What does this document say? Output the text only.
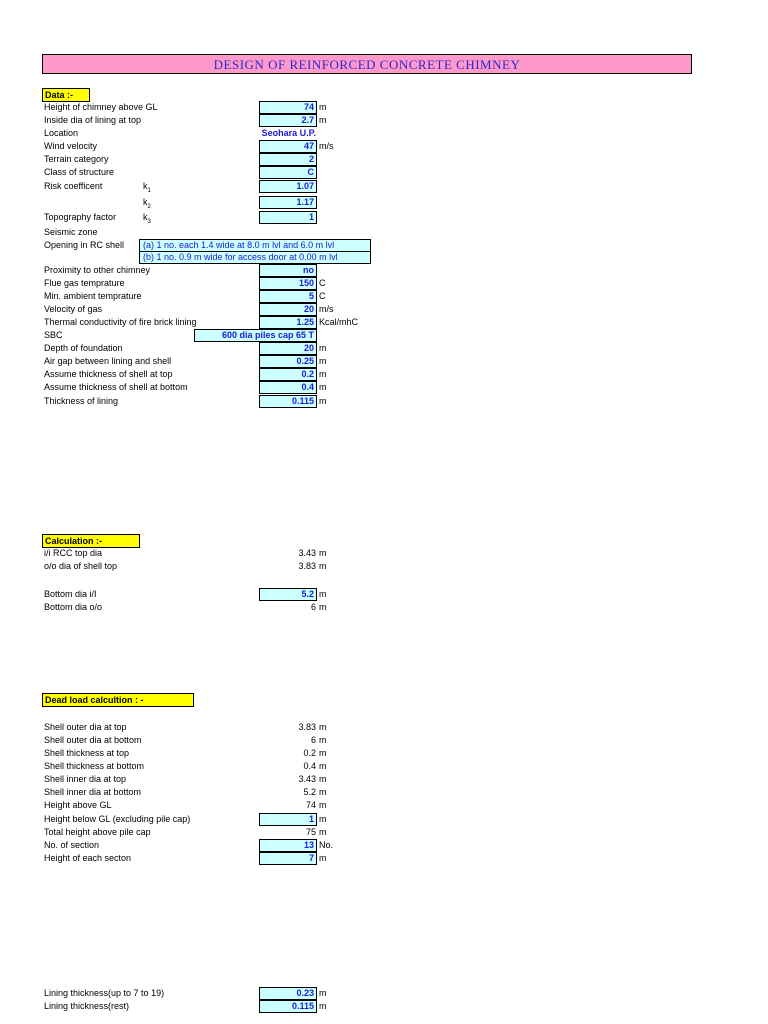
DESIGN OF REINFORCED CONCRETE CHIMNEY
Data :-
Height of chimney above GL	74 m
Inside dia of lining at top	2.7 m
Location	Seohara U.P.
Wind velocity	47 m/s
Terrain category	2
Class of structure	C
Risk coefficent	$k_1$	1.07
$k_2$	1.17
Topography factor	$k_3$	1
Seismic zone
Opening in RC shell	(a) 1 no. each 1.4 wide at 8.0 m lvl and 6.0 m lvl
(b) 1 no. 0.9 m wide for access door at 0.00 m lvl
Proximity to other chimney	no
Flue gas temprature	150 C
Min. ambient temprature	5 C
Velocity of gas	20 m/s
Thermal conductivity of fire brick lining	1.25 Kcal/mhC
SBC	600 dia piles cap 65 T
Depth of foundation	20 m
Air gap between lining and shell	0.25 m
Assume thickness of shell at top	0.2 m
Assume thickness of shell at bottom	0.4 m
Thickness of lining	0.115 m
Calculation :-
i/i RCC top dia	3.43 m
o/o dia of shell top	3.83 m
Bottom dia i/I	5.2 m
Bottom dia o/o	6 m
Dead load calcultion : -
Shell outer dia at top	3.83 m
Shell outer dia at bottom	6 m
Shell thickness at top	0.2 m
Shell thickness at bottom	0.4 m
Shell inner dia at top	3.43 m
Shell inner dia at bottom	5.2 m
Height above GL	74 m
Height below GL (excluding pile cap)	1 m
Total height above pile cap	75 m
No. of section	13 No.
Height of each secton	7 m
Lining thickness(up to 7 to 19)	0.23 m
Lining thickness(rest)	0.115 m
